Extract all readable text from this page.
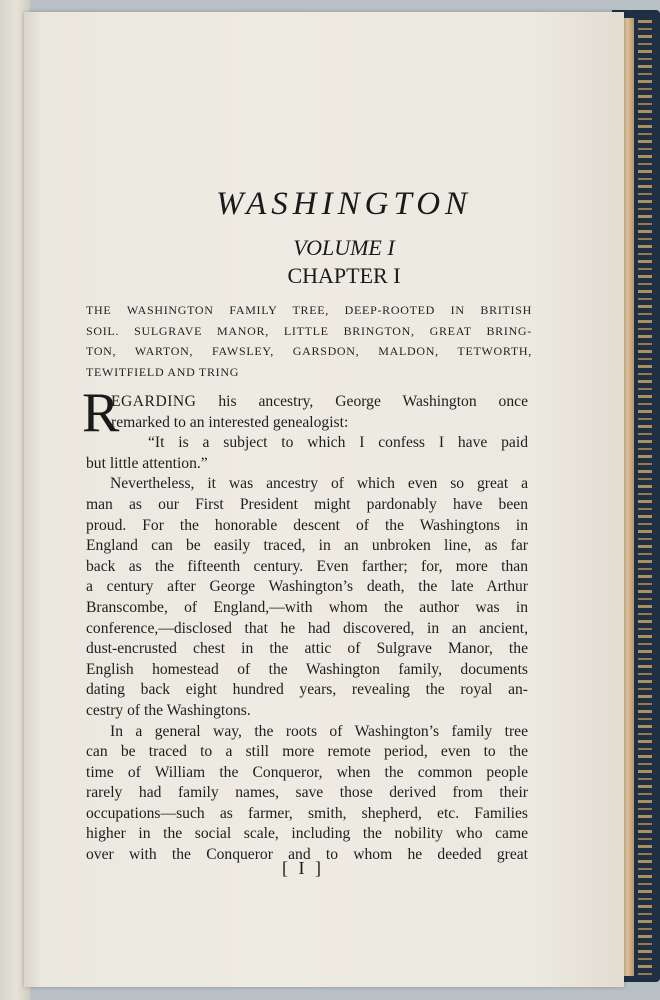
WASHINGTON
VOLUME I
CHAPTER I
THE WASHINGTON FAMILY TREE, DEEP-ROOTED IN BRITISH
SOIL. SULGRAVE MANOR, LITTLE BRINGTON, GREAT BRING-
TON, WARTON, FAWSLEY, GARSDON, MALDON, TETWORTH,
TEWITFIELD AND TRING
R
EGARDING his ancestry, George Washington once
remarked to an interested genealogist:
“It is a subject to which I confess I have paid
but little attention.”
Nevertheless, it was ancestry of which even so great a
man as our First President might pardonably have been
proud. For the honorable descent of the Washingtons in
England can be easily traced, in an unbroken line, as far
back as the fifteenth century. Even farther; for, more than
a century after George Washington’s death, the late Arthur
Branscombe, of England,—with whom the author was in
conference,—disclosed that he had discovered, in an ancient,
dust-encrusted chest in the attic of Sulgrave Manor, the
English homestead of the Washington family, documents
dating back eight hundred years, revealing the royal an-
cestry of the Washingtons.
In a general way, the roots of Washington’s family tree
can be traced to a still more remote period, even to the
time of William the Conqueror, when the common people
rarely had family names, save those derived from their
occupations—such as farmer, smith, shepherd, etc. Families
higher in the social scale, including the nobility who came
over with the Conqueror and to whom he deeded great
[ I ]
